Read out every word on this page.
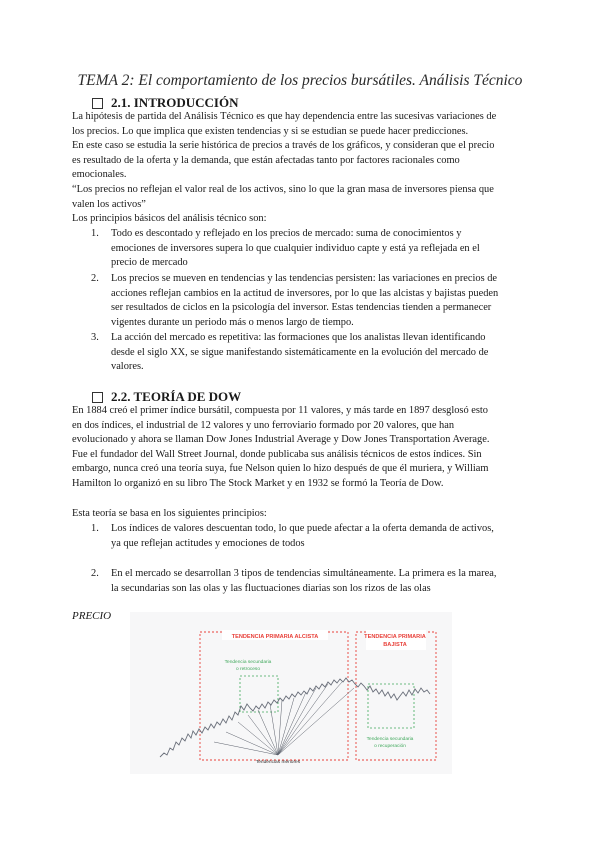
TEMA 2: El comportamiento de los precios bursátiles. Análisis Técnico
2.1. INTRODUCCIÓN
La hipótesis de partida del Análisis Técnico es que hay dependencia entre las sucesivas variaciones de
los precios. Lo que implica que existen tendencias y si se estudian se puede hacer predicciones.
En este caso se estudia la serie histórica de precios a través de los gráficos, y consideran que el precio
es resultado de la oferta y la demanda, que están afectadas tanto por factores racionales como
emocionales.
“Los precios no reflejan el valor real de los activos, sino lo que la gran masa de inversores piensa que
valen los activos”
Los principios básicos del análisis técnico son:
1. Todo es descontado y reflejado en los precios de mercado: suma de conocimientos y
emociones de inversores supera lo que cualquier individuo capte y está ya reflejada en el
precio de mercado
2. Los precios se mueven en tendencias y las tendencias persisten: las variaciones en precios de
acciones reflejan cambios en la actitud de inversores, por lo que las alcistas y bajistas pueden
ser resultados de ciclos en la psicología del inversor. Estas tendencias tienden a permanecer
vigentes durante un periodo más o menos largo de tiempo.
3. La acción del mercado es repetitiva: las formaciones que los analistas llevan identificando
desde el siglo XX, se sigue manifestando sistemáticamente en la evolución del mercado de
valores.
2.2. TEORÍA DE DOW
En 1884 creó el primer índice bursátil, compuesta por 11 valores, y más tarde en 1897 desglosó esto
en dos índices, el industrial de 12 valores y uno ferroviario formado por 20 valores, que han
evolucionado y ahora se llaman Dow Jones Industrial Average y Dow Jones Transportation Average.
Fue el fundador del Wall Street Journal, donde publicaba sus análisis técnicos de estos índices. Sin
embargo, nunca creó una teoría suya, fue Nelson quien lo hizo después de que él muriera, y William
Hamilton lo organizó en su libro The Stock Market y en 1932 se formó la Teoría de Dow.
Esta teoría se basa en los siguientes principios:
1. Los índices de valores descuentan todo, lo que puede afectar a la oferta demanda de activos,
ya que reflejan actitudes y emociones de todos
2. En el mercado se desarrollan 3 tipos de tendencias simultáneamente. La primera es la marea,
la secundarias son las olas y las fluctuaciones diarias son los rizos de las olas
PRECIO
TENDENCIA PRIMARIA ALCISTA	TENDENCIA PRIMARIA
BAJISTA
Tendencia secundaria
o retroceso
Tendencia secundaria
o recuperación
Tendencias menores
